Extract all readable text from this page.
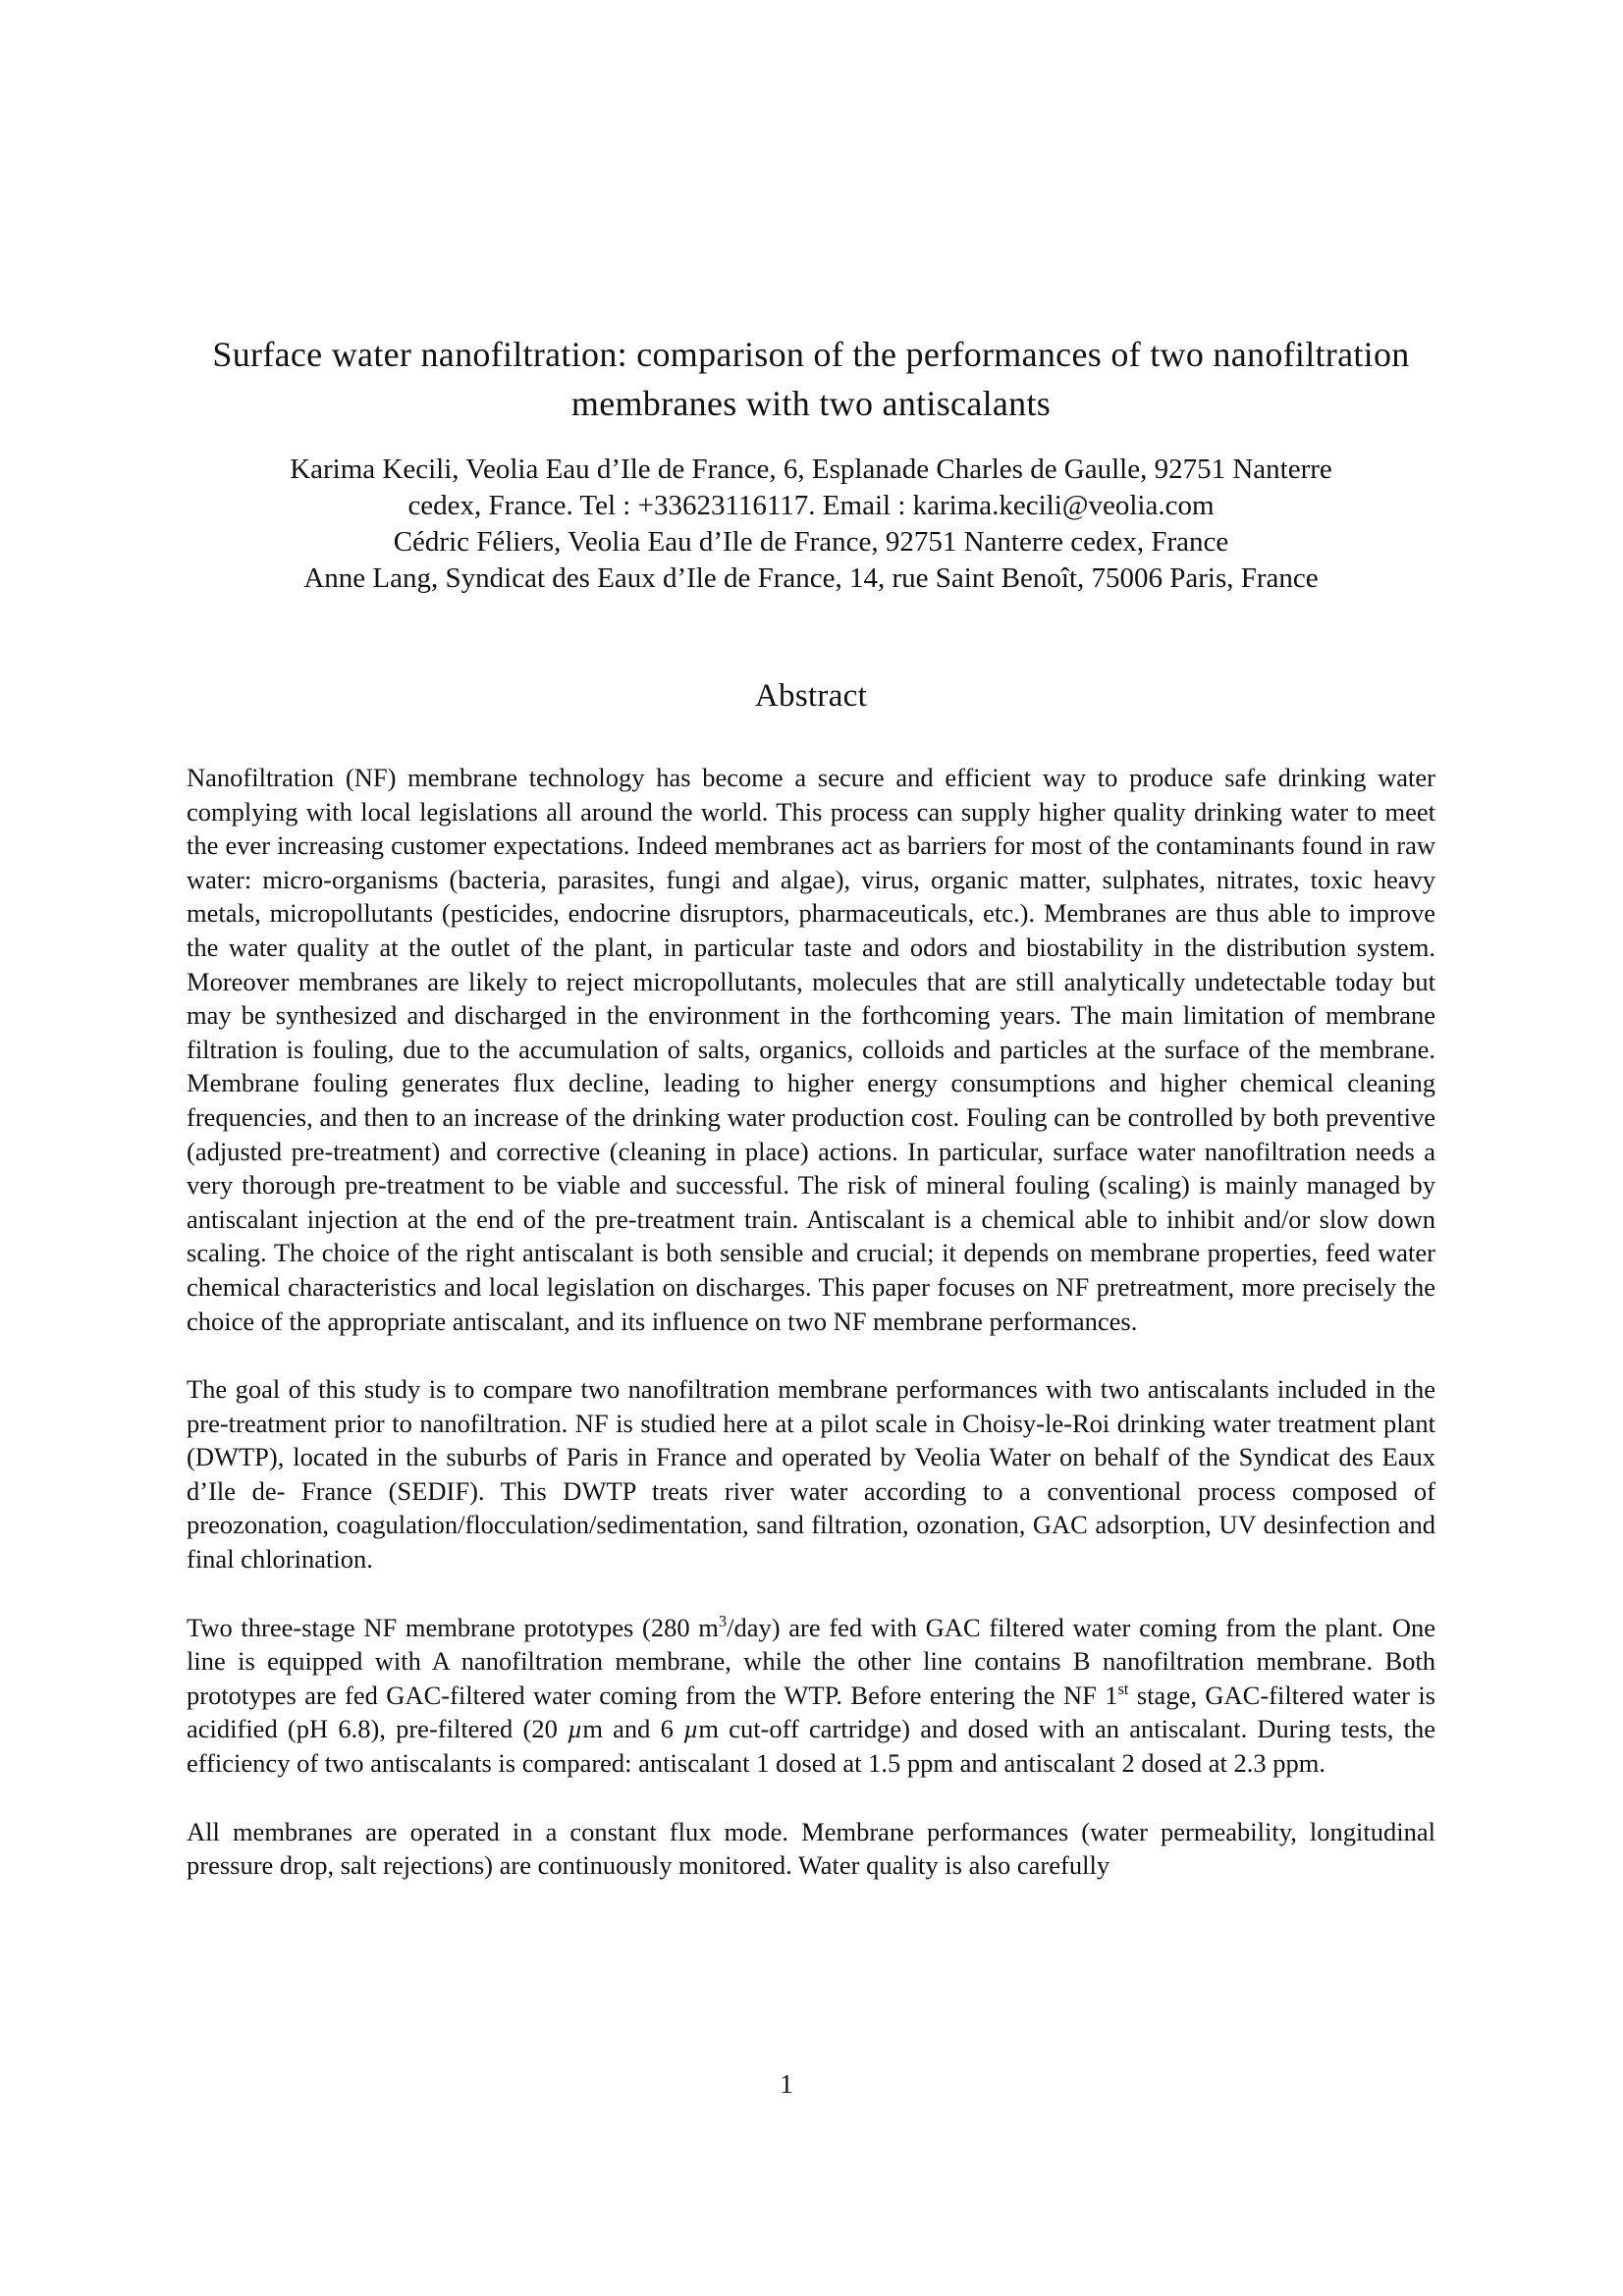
Surface water nanofiltration: comparison of the performances of two nanofiltration membranes with two antiscalants
Karima Kecili, Veolia Eau d’Ile de France, 6, Esplanade Charles de Gaulle, 92751 Nanterre
cedex, France. Tel : +33623116117. Email : karima.kecili@veolia.com
Cédric Féliers, Veolia Eau d’Ile de France, 92751 Nanterre cedex, France
Anne Lang, Syndicat des Eaux d’Ile de France, 14, rue Saint Benoît, 75006 Paris, France
Abstract

Nanofiltration (NF) membrane technology has become a secure and efficient way to produce safe drinking water complying with local legislations all around the world. This process can supply higher quality drinking water to meet the ever increasing customer expectations. Indeed membranes act as barriers for most of the contaminants found in raw water: micro-organisms (bacteria, parasites, fungi and algae), virus, organic matter, sulphates, nitrates, toxic heavy metals, micropollutants (pesticides, endocrine disruptors, pharmaceuticals, etc.). Membranes are thus able to improve the water quality at the outlet of the plant, in particular taste and odors and biostability in the distribution system. Moreover membranes are likely to reject micropollutants, molecules that are still analytically undetectable today but may be synthesized and discharged in the environment in the forthcoming years. The main limitation of membrane filtration is fouling, due to the accumulation of salts, organics, colloids and particles at the surface of the membrane. Membrane fouling generates flux decline, leading to higher energy consumptions and higher chemical cleaning frequencies, and then to an increase of the drinking water production cost. Fouling can be controlled by both preventive (adjusted pre-treatment) and corrective (cleaning in place) actions. In particular, surface water nanofiltration needs a very thorough pre-treatment to be viable and successful. The risk of mineral fouling (scaling) is mainly managed by antiscalant injection at the end of the pre-treatment train. Antiscalant is a chemical able to inhibit and/or slow down scaling. The choice of the right antiscalant is both sensible and crucial; it depends on membrane properties, feed water chemical characteristics and local legislation on discharges. This paper focuses on NF pretreatment, more precisely the choice of the appropriate antiscalant, and its influence on two NF membrane performances.

The goal of this study is to compare two nanofiltration membrane performances with two antiscalants included in the pre-treatment prior to nanofiltration. NF is studied here at a pilot scale in Choisy-le-Roi drinking water treatment plant (DWTP), located in the suburbs of Paris in France and operated by Veolia Water on behalf of the Syndicat des Eaux d’Ile de- France (SEDIF). This DWTP treats river water according to a conventional process composed of preozonation, coagulation/flocculation/sedimentation, sand filtration, ozonation, GAC adsorption, UV desinfection and final chlorination.

Two three-stage NF membrane prototypes (280 $m^3/day$) are fed with GAC filtered water coming from the plant. One line is equipped with A nanofiltration membrane, while the other line contains B nanofiltration membrane. Both prototypes are fed GAC-filtered water coming from the WTP. Before entering the NF 1st stage, GAC-filtered water is acidified (pH 6.8), pre-filtered (20 µm and 6 µm cut-off cartridge) and dosed with an antiscalant. During tests, the efficiency of two antiscalants is compared: antiscalant 1 dosed at 1.5 ppm and antiscalant 2 dosed at 2.3 ppm.

All membranes are operated in a constant flux mode. Membrane performances (water permeability, longitudinal pressure drop, salt rejections) are continuously monitored. Water quality is also carefully

1
